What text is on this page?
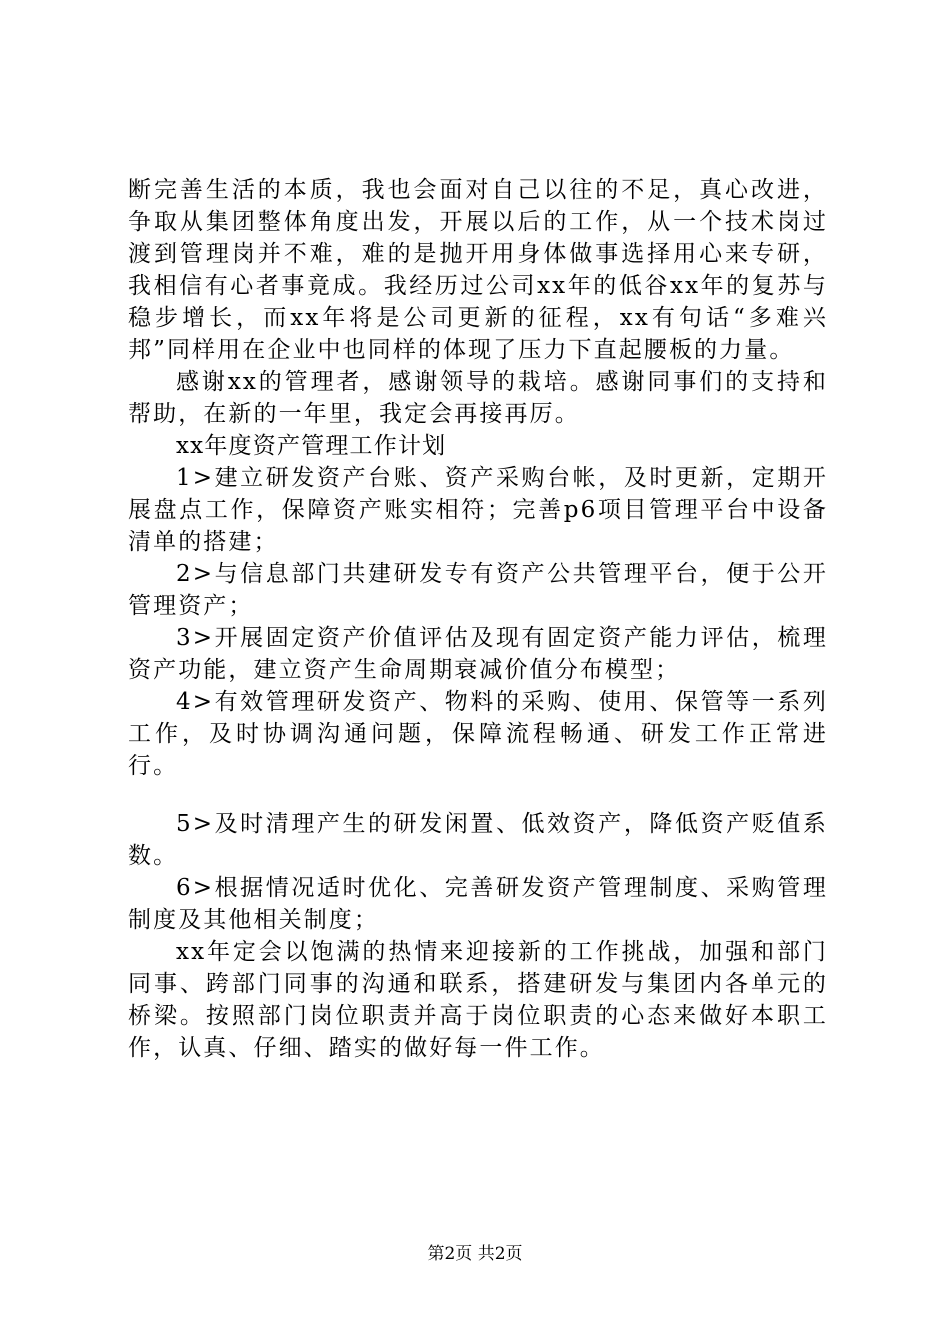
断完善生活的本质，我也会面对自己以往的不足，真心改进，争取从集团整体角度出发，开展以后的工作，从一个技术岗过渡到管理岗并不难，难的是抛开用身体做事选择用心来专研，我相信有心者事竟成。我经历过公司xx年的低谷xx年的复苏与稳步增长，而xx年将是公司更新的征程，xx有句话“多难兴邦”同样用在企业中也同样的体现了压力下直起腰板的力量。

感谢xx的管理者，感谢领导的栽培。感谢同事们的支持和帮助，在新的一年里，我定会再接再厉。

xx年度资产管理工作计划

1>建立研发资产台账、资产采购台帐，及时更新，定期开展盘点工作，保障资产账实相符；完善p6项目管理平台中设备清单的搭建；

2>与信息部门共建研发专有资产公共管理平台，便于公开管理资产；

3>开展固定资产价值评估及现有固定资产能力评估，梳理资产功能，建立资产生命周期衰减价值分布模型；

4>有效管理研发资产、物料的采购、使用、保管等一系列工作，及时协调沟通问题，保障流程畅通、研发工作正常进行。

5>及时清理产生的研发闲置、低效资产，降低资产贬值系数。

6>根据情况适时优化、完善研发资产管理制度、采购管理制度及其他相关制度；

xx年定会以饱满的热情来迎接新的工作挑战，加强和部门同事、跨部门同事的沟通和联系，搭建研发与集团内各单元的桥梁。按照部门岗位职责并高于岗位职责的心态来做好本职工作，认真、仔细、踏实的做好每一件工作。

第2页 共2页
